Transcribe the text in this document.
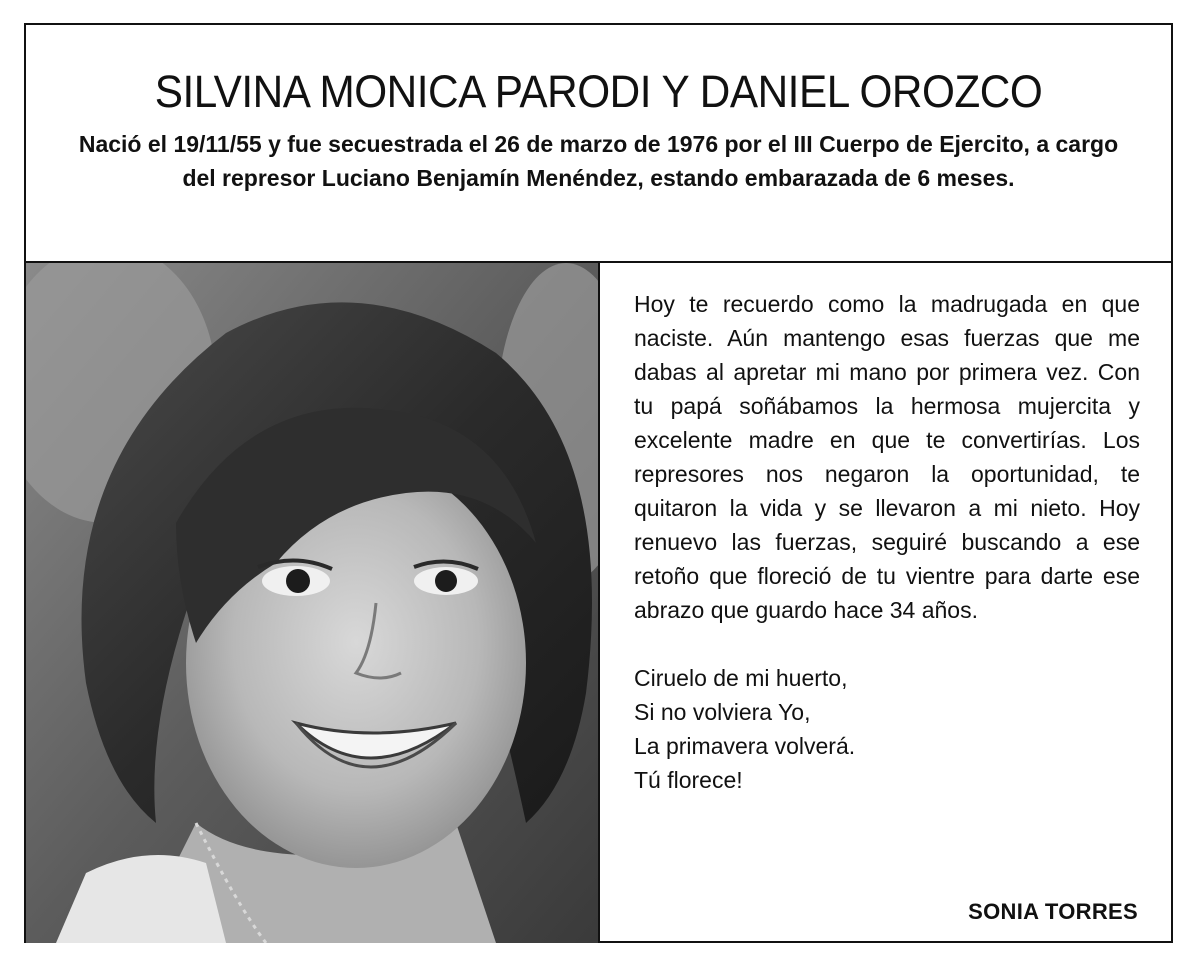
SILVINA MONICA PARODI Y DANIEL OROZCO

Nació el 19/11/55 y fue secuestrada el 26 de marzo de 1976 por el III Cuerpo de Ejercito, a cargo del represor Luciano Benjamín Menéndez, estando embarazada de 6 meses.

Hoy te recuerdo como la madrugada en que naciste. Aún mantengo esas fuerzas que me dabas al apretar mi mano por primera vez. Con tu papá soñábamos la hermosa mujercita y excelente madre en que te convertirías. Los represores nos negaron la oportunidad, te quitaron la vida y se llevaron a mi nieto. Hoy renuevo las fuerzas, seguiré buscando a ese retoño que floreció de tu vientre para darte ese abrazo que guardo hace 34 años.

Ciruelo de mi huerto,
Si no volviera Yo,
La primavera volverá.
Tú florece!
SONIA TORRES
